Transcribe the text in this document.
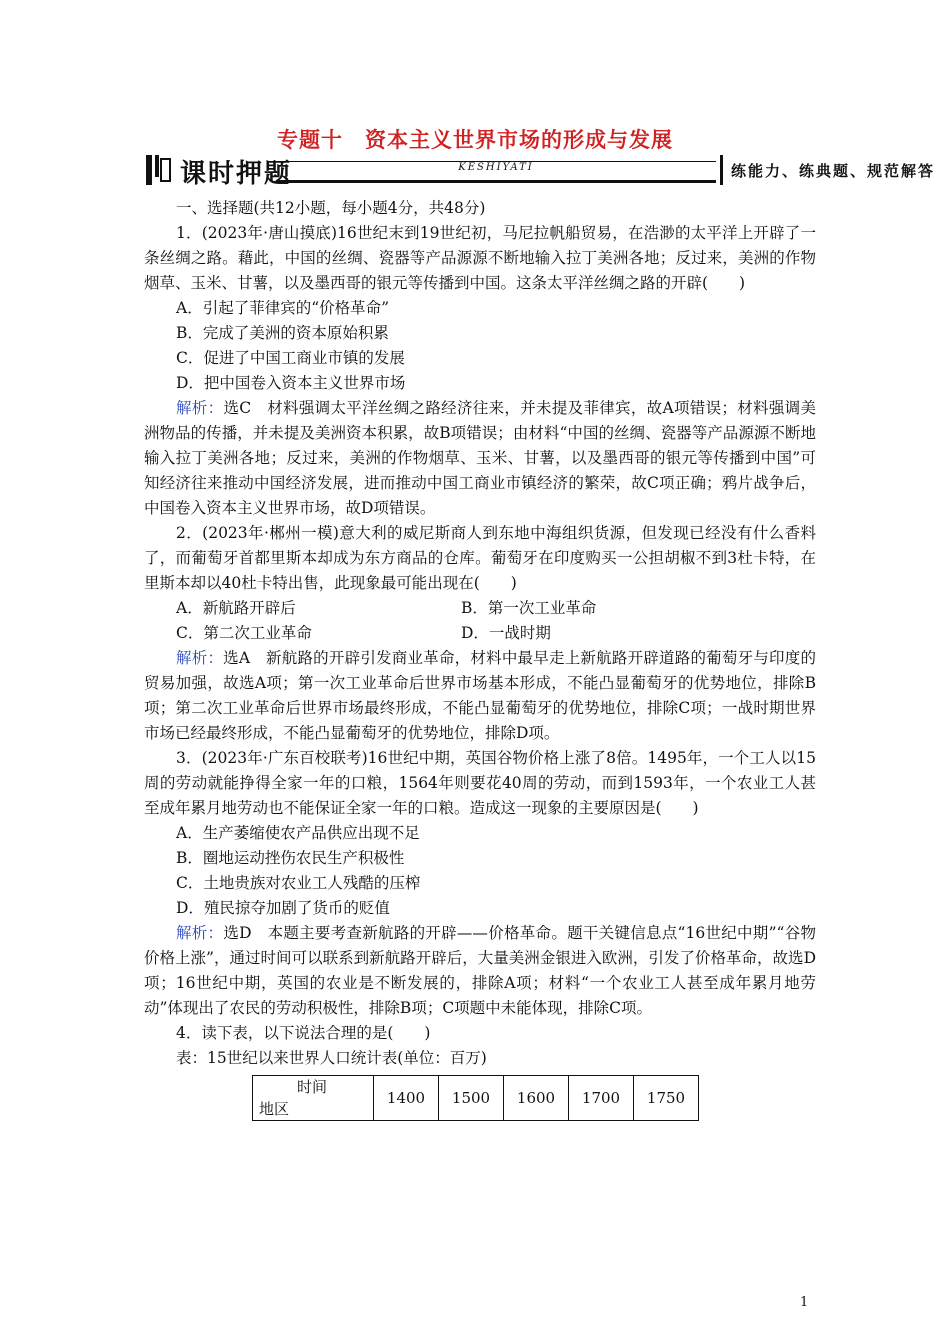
专题十　资本主义世界市场的形成与发展
课时押题	KESHIYATI	练能力、练典题、规范解答

一、选择题(共12小题，每小题4分，共48分)

1．(2023年·唐山摸底)16世纪末到19世纪初，马尼拉帆船贸易，在浩渺的太平洋上开辟了一条丝绸之路。藉此，中国的丝绸、瓷器等产品源源不断地输入拉丁美洲各地；反过来，美洲的作物烟草、玉米、甘薯，以及墨西哥的银元等传播到中国。这条太平洋丝绸之路的开辟(　　)

A．引起了菲律宾的“价格革命”

B．完成了美洲的资本原始积累

C．促进了中国工商业市镇的发展

D．把中国卷入资本主义世界市场

解析：选C　材料强调太平洋丝绸之路经济往来，并未提及菲律宾，故A项错误；材料强调美洲物品的传播，并未提及美洲资本积累，故B项错误；由材料“中国的丝绸、瓷器等产品源源不断地输入拉丁美洲各地；反过来，美洲的作物烟草、玉米、甘薯，以及墨西哥的银元等传播到中国”可知经济往来推动中国经济发展，进而推动中国工商业市镇经济的繁荣，故C项正确；鸦片战争后，中国卷入资本主义世界市场，故D项错误。

2．(2023年·郴州一模)意大利的威尼斯商人到东地中海组织货源，但发现已经没有什么香料了，而葡萄牙首都里斯本却成为东方商品的仓库。葡萄牙在印度购买一公担胡椒不到3杜卡特，在里斯本却以40杜卡特出售，此现象最可能出现在(　　)

A．新航路开辟后	B．第一次工业革命
C．第二次工业革命	D．一战时期

解析：选A　新航路的开辟引发商业革命，材料中最早走上新航路开辟道路的葡萄牙与印度的贸易加强，故选A项；第一次工业革命后世界市场基本形成，不能凸显葡萄牙的优势地位，排除B项；第二次工业革命后世界市场最终形成，不能凸显葡萄牙的优势地位，排除C项；一战时期世界市场已经最终形成，不能凸显葡萄牙的优势地位，排除D项。

3．(2023年·广东百校联考)16世纪中期，英国谷物价格上涨了8倍。1495年，一个工人以15周的劳动就能挣得全家一年的口粮，1564年则要花40周的劳动，而到1593年，一个农业工人甚至成年累月地劳动也不能保证全家一年的口粮。造成这一现象的主要原因是(　　)

A．生产萎缩使农产品供应出现不足

B．圈地运动挫伤农民生产积极性

C．土地贵族对农业工人残酷的压榨

D．殖民掠夺加剧了货币的贬值

解析：选D　本题主要考查新航路的开辟——价格革命。题干关键信息点“16世纪中期”“谷物价格上涨”，通过时间可以联系到新航路开辟后，大量美洲金银进入欧洲，引发了价格革命，故选D项；16世纪中期，英国的农业是不断发展的，排除A项；材料“一个农业工人甚至成年累月地劳动”体现出了农民的劳动积极性，排除B项；C项题中未能体现，排除C项。

4．读下表，以下说法合理的是(　　)

表：15世纪以来世界人口统计表(单位：百万)

时间
地区
	1400	1500	1600	1700	1750
1
